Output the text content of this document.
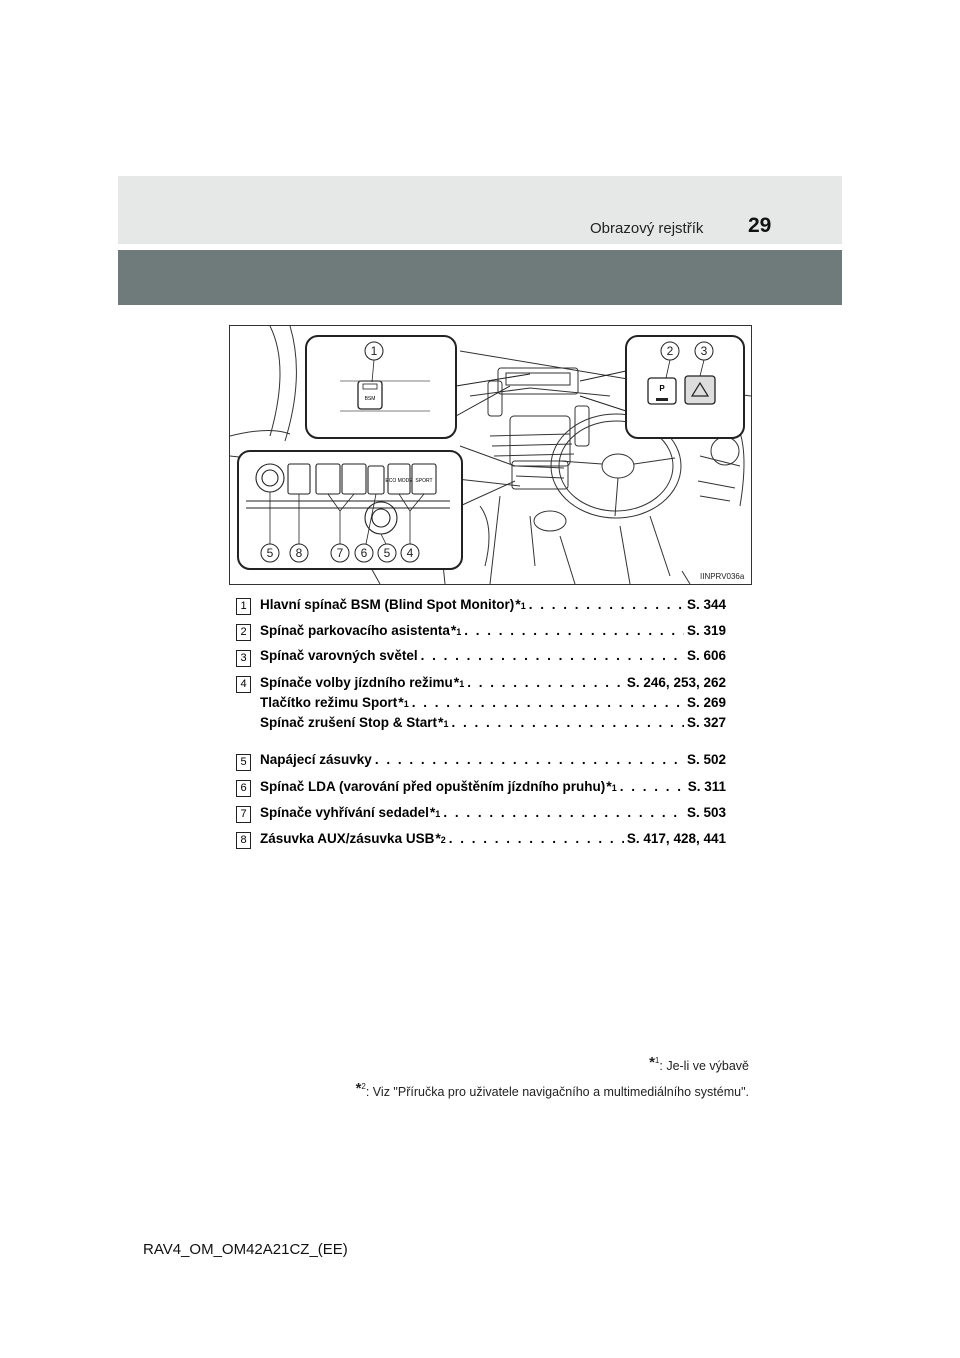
Obrazový rejstřík 29
BSM
1
P
2 3
ECO MODE SPORT
5 8	7 6 5 4
IINPRV036a
1 Hlavní spínač BSM (Blind Spot Monitor) *1 . . .	S. 344
2 Spínač parkovacího asistenta *1 . . .	S. 319
3 Spínač varovných světel . . .	S. 606
4 Spínače volby jízdního režimu *1 . . .	S. 246, 253, 262
Tlačítko režimu Sport *1 . . .	S. 269
Spínač zrušení Stop & Start *1 . . .	S. 327
5 Napájecí zásuvky . . .	S. 502
6 Spínač LDA (varování před opuštěním jízdního pruhu) *1 . . .	S. 311
7 Spínače vyhřívání sedadel *1 . . .	S. 503
8 Zásuvka AUX/zásuvka USB *2 . . .	S. 417, 428, 441
*$^1$: Je-li ve výbavě
*$^2$: Viz "Příručka pro uživatele navigačního a multimediálního systému".
RAV4_OM_OM42A21CZ_(EE)
